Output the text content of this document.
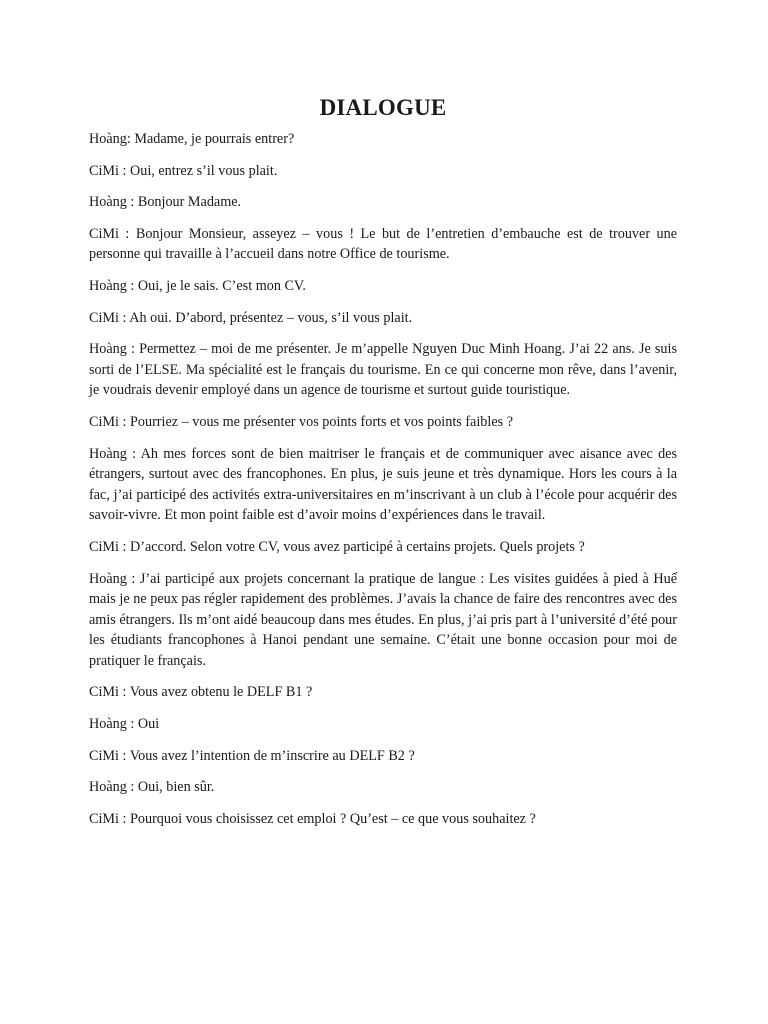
DIALOGUE
Hoàng: Madame, je pourrais entrer?
CiMi : Oui, entrez s’il vous plait.
Hoàng : Bonjour Madame.
CiMi : Bonjour Monsieur, asseyez – vous ! Le but de l’entretien d’embauche est de trouver une personne qui travaille à l’accueil dans notre Office de tourisme.
Hoàng : Oui, je le sais. C’est mon CV.
CiMi : Ah oui. D’abord, présentez – vous, s’il vous plait.
Hoàng : Permettez – moi de me présenter. Je m’appelle Nguyen Duc Minh Hoang. J’ai 22 ans. Je suis sorti de l’ELSE. Ma spécialité est le français du tourisme. En ce qui concerne mon rêve, dans l’avenir, je voudrais devenir employé dans un agence de tourisme et surtout guide touristique.
CiMi : Pourriez – vous me présenter vos points forts et vos points faibles ?
Hoàng : Ah mes forces sont de bien maitriser le français et de communiquer avec aisance avec des étrangers, surtout avec des francophones. En plus, je suis jeune et très dynamique. Hors les cours à la fac, j’ai participé des activités extra-universitaires en m’inscrivant à un club à l’école pour acquérir des savoir-vivre. Et mon point faible est d’avoir moins d’expériences dans le travail.
CiMi : D’accord. Selon votre CV, vous avez participé à certains projets. Quels projets ?
Hoàng : J’ai participé aux projets concernant la pratique de langue : Les visites guidées à pied à Huế mais je ne peux pas régler rapidement des problèmes. J’avais la chance de faire des rencontres avec des amis étrangers. Ils m’ont aidé beaucoup dans mes études. En plus, j’ai pris part à l’université d’été pour les étudiants francophones à Hanoi pendant une semaine. C’était une bonne occasion pour moi de pratiquer le français.
CiMi : Vous avez obtenu le DELF B1 ?
Hoàng : Oui
CiMi : Vous avez l’intention de m’inscrire au DELF B2 ?
Hoàng : Oui, bien sûr.
CiMi : Pourquoi vous choisissez cet emploi ? Qu’est – ce que vous souhaitez ?
